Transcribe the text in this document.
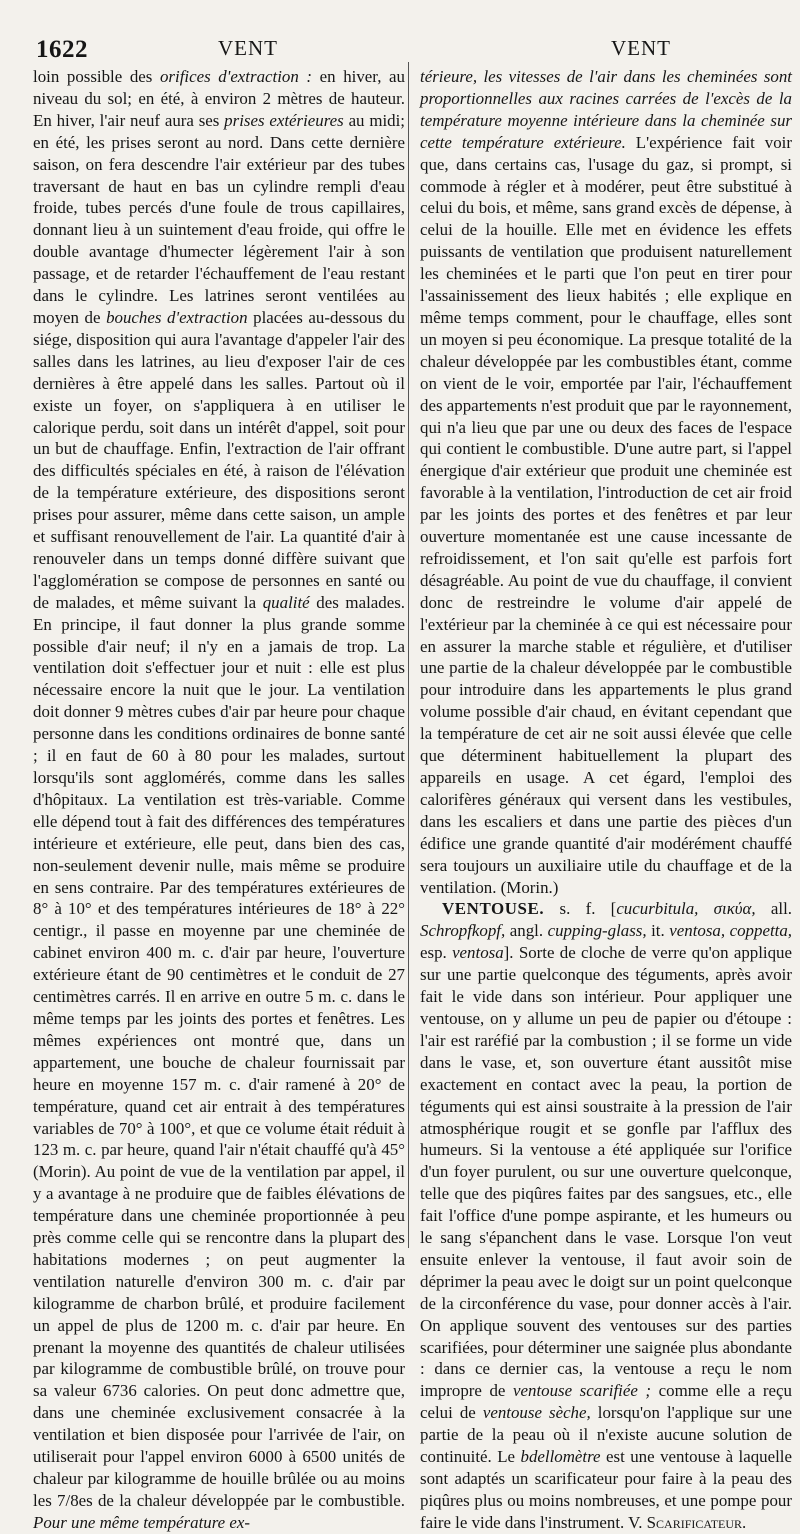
1622	VENT	VENT

loin possible des orifices d'extraction : en hiver, au niveau du sol; en été, à environ 2 mètres de hauteur. En hiver, l'air neuf aura ses prises extérieures au midi; en été, les prises seront au nord. Dans cette dernière saison, on fera descendre l'air extérieur par des tubes traversant de haut en bas un cylindre rempli d'eau froide, tubes percés d'une foule de trous capillaires, donnant lieu à un suintement d'eau froide, qui offre le double avantage d'humecter légèrement l'air à son passage, et de retarder l'échauffement de l'eau restant dans le cylindre. Les latrines seront ventilées au moyen de bouches d'extraction placées au-dessous du siége, disposition qui aura l'avantage d'appeler l'air des salles dans les latrines, au lieu d'exposer l'air de ces dernières à être appelé dans les salles. Partout où il existe un foyer, on s'appliquera à en utiliser le calorique perdu, soit dans un intérêt d'appel, soit pour un but de chauffage. Enfin, l'extraction de l'air offrant des difficultés spéciales en été, à raison de l'élévation de la température extérieure, des dispositions seront prises pour assurer, même dans cette saison, un ample et suffisant renouvellement de l'air. La quantité d'air à renouveler dans un temps donné diffère suivant que l'agglomération se compose de personnes en santé ou de malades, et même suivant la qualité des malades. En principe, il faut donner la plus grande somme possible d'air neuf; il n'y en a jamais de trop. La ventilation doit s'effectuer jour et nuit : elle est plus nécessaire encore la nuit que le jour. La ventilation doit donner 9 mètres cubes d'air par heure pour chaque personne dans les conditions ordinaires de bonne santé ; il en faut de 60 à 80 pour les malades, surtout lorsqu'ils sont agglomérés, comme dans les salles d'hôpitaux. La ventilation est très-variable. Comme elle dépend tout à fait des différences des températures intérieure et extérieure, elle peut, dans bien des cas, non-seulement devenir nulle, mais même se produire en sens contraire. Par des températures extérieures de 8° à 10° et des températures intérieures de 18° à 22° centigr., il passe en moyenne par une cheminée de cabinet environ 400 m. c. d'air par heure, l'ouverture extérieure étant de 90 centimètres et le conduit de 27 centimètres carrés. Il en arrive en outre 5 m. c. dans le même temps par les joints des portes et fenêtres. Les mêmes expériences ont montré que, dans un appartement, une bouche de chaleur fournissait par heure en moyenne 157 m. c. d'air ramené à 20° de température, quand cet air entrait à des températures variables de 70° à 100°, et que ce volume était réduit à 123 m. c. par heure, quand l'air n'était chauffé qu'à 45° (Morin). Au point de vue de la ventilation par appel, il y a avantage à ne produire que de faibles élévations de température dans une cheminée proportionnée à peu près comme celle qui se rencontre dans la plupart des habitations modernes ; on peut augmenter la ventilation naturelle d'environ 300 m. c. d'air par kilogramme de charbon brûlé, et produire facilement un appel de plus de 1200 m. c. d'air par heure. En prenant la moyenne des quantités de chaleur utilisées par kilogramme de combustible brûlé, on trouve pour sa valeur 6736 calories. On peut donc admettre que, dans une cheminée exclusivement consacrée à la ventilation et bien disposée pour l'arrivée de l'air, on utiliserait pour l'appel environ 6000 à 6500 unités de chaleur par kilogramme de houille brûlée ou au moins les 7/8es de la chaleur développée par le combustible. Pour une même température ex-

térieure, les vitesses de l'air dans les cheminées sont proportionnelles aux racines carrées de l'excès de la température moyenne intérieure dans la cheminée sur cette température extérieure. L'expérience fait voir que, dans certains cas, l'usage du gaz, si prompt, si commode à régler et à modérer, peut être substitué à celui du bois, et même, sans grand excès de dépense, à celui de la houille. Elle met en évidence les effets puissants de ventilation que produisent naturellement les cheminées et le parti que l'on peut en tirer pour l'assainissement des lieux habités ; elle explique en même temps comment, pour le chauffage, elles sont un moyen si peu économique. La presque totalité de la chaleur développée par les combustibles étant, comme on vient de le voir, emportée par l'air, l'échauffement des appartements n'est produit que par le rayonnement, qui n'a lieu que par une ou deux des faces de l'espace qui contient le combustible. D'une autre part, si l'appel énergique d'air extérieur que produit une cheminée est favorable à la ventilation, l'introduction de cet air froid par les joints des portes et des fenêtres et par leur ouverture momentanée est une cause incessante de refroidissement, et l'on sait qu'elle est parfois fort désagréable. Au point de vue du chauffage, il convient donc de restreindre le volume d'air appelé de l'extérieur par la cheminée à ce qui est nécessaire pour en assurer la marche stable et régulière, et d'utiliser une partie de la chaleur développée par le combustible pour introduire dans les appartements le plus grand volume possible d'air chaud, en évitant cependant que la température de cet air ne soit aussi élevée que celle que déterminent habituellement la plupart des appareils en usage. A cet égard, l'emploi des calorifères généraux qui versent dans les vestibules, dans les escaliers et dans une partie des pièces d'un édifice une grande quantité d'air modérément chauffé sera toujours un auxiliaire utile du chauffage et de la ventilation. (Morin.)

VENTOUSE. s. f. [cucurbitula, σικύα, all. Schropfkopf, angl. cupping-glass, it. ventosa, coppetta, esp. ventosa]. Sorte de cloche de verre qu'on applique sur une partie quelconque des téguments, après avoir fait le vide dans son intérieur. Pour appliquer une ventouse, on y allume un peu de papier ou d'étoupe : l'air est raréfié par la combustion ; il se forme un vide dans le vase, et, son ouverture étant aussitôt mise exactement en contact avec la peau, la portion de téguments qui est ainsi soustraite à la pression de l'air atmosphérique rougit et se gonfle par l'afflux des humeurs. Si la ventouse a été appliquée sur l'orifice d'un foyer purulent, ou sur une ouverture quelconque, telle que des piqûres faites par des sangsues, etc., elle fait l'office d'une pompe aspirante, et les humeurs ou le sang s'épanchent dans le vase. Lorsque l'on veut ensuite enlever la ventouse, il faut avoir soin de déprimer la peau avec le doigt sur un point quelconque de la circonférence du vase, pour donner accès à l'air. On applique souvent des ventouses sur des parties scarifiées, pour déterminer une saignée plus abondante : dans ce dernier cas, la ventouse a reçu le nom impropre de ventouse scarifiée ; comme elle a reçu celui de ventouse sèche, lorsqu'on l'applique sur une partie de la peau où il n'existe aucune solution de continuité. Le bdellomètre est une ventouse à laquelle sont adaptés un scarificateur pour faire à la peau des piqûres plus ou moins nombreuses, et une pompe pour faire le vide dans l'instrument. V. Scarificateur.
